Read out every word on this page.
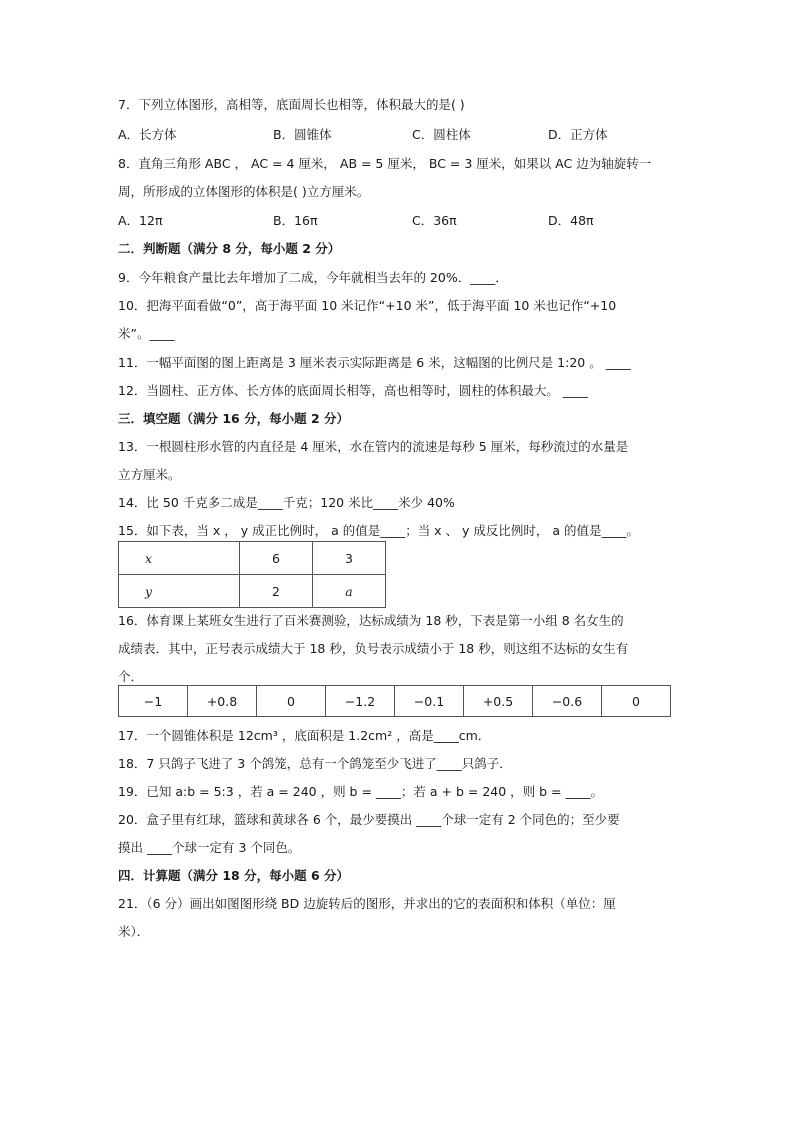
7．下列立体图形，高相等，底面周长也相等，体积最大的是( )
A．长方体	B．圆锥体	C．圆柱体	D．正方体
8．直角三角形 ABC ， AC = 4 厘米， AB = 5 厘米， BC = 3 厘米，如果以 AC 边为轴旋转一
周，所形成的立体图形的体积是( )立方厘米。
A．12π	B．16π	C．36π	D．48π
二．判断题（满分 8 分，每小题 2 分）
9．今年粮食产量比去年增加了二成，今年就相当去年的 20%．____．
10．把海平面看做“0”，高于海平面 10 米记作“+10 米”，低于海平面 10 米也记作“+10
米”。____
11．一幅平面图的图上距离是 3 厘米表示实际距离是 6 米，这幅图的比例尺是 1:20 。 ____
12．当圆柱、正方体、长方体的底面周长相等，高也相等时，圆柱的体积最大。 ____
三．填空题（满分 16 分，每小题 2 分）
13．一根圆柱形水管的内直径是 4 厘米，水在管内的流速是每秒 5 厘米，每秒流过的水量是
立方厘米。
14．比 50 千克多二成是____千克；120 米比____米少 40%
15．如下表，当 x ， y 成正比例时， a 的值是____；当 x 、 y 成反比例时， a 的值是____。
x	6	3
y	2	a
16．体育课上某班女生进行了百米赛测验，达标成绩为 18 秒，下表是第一小组 8 名女生的
成绩表．其中，正号表示成绩大于 18 秒，负号表示成绩小于 18 秒，则这组不达标的女生有
个．
−1	+0.8	0	−1.2	−0.1	+0.5	−0.6	0
17．一个圆锥体积是 12cm³ ，底面积是 1.2cm² ，高是____cm．
18．7 只鸽子飞进了 3 个鸽笼，总有一个鸽笼至少飞进了____只鸽子．
19．已知 a:b = 5:3 ，若 a = 240 ，则 b = ____；若 a + b = 240 ，则 b = ____。
20．盒子里有红球，篮球和黄球各 6 个，最少要摸出 ____个球一定有 2 个同色的；至少要
摸出 ____个球一定有 3 个同色。
四．计算题（满分 18 分，每小题 6 分）
21．（6 分）画出如图图形绕 BD 边旋转后的图形，并求出的它的表面积和体积（单位：厘
米）．
